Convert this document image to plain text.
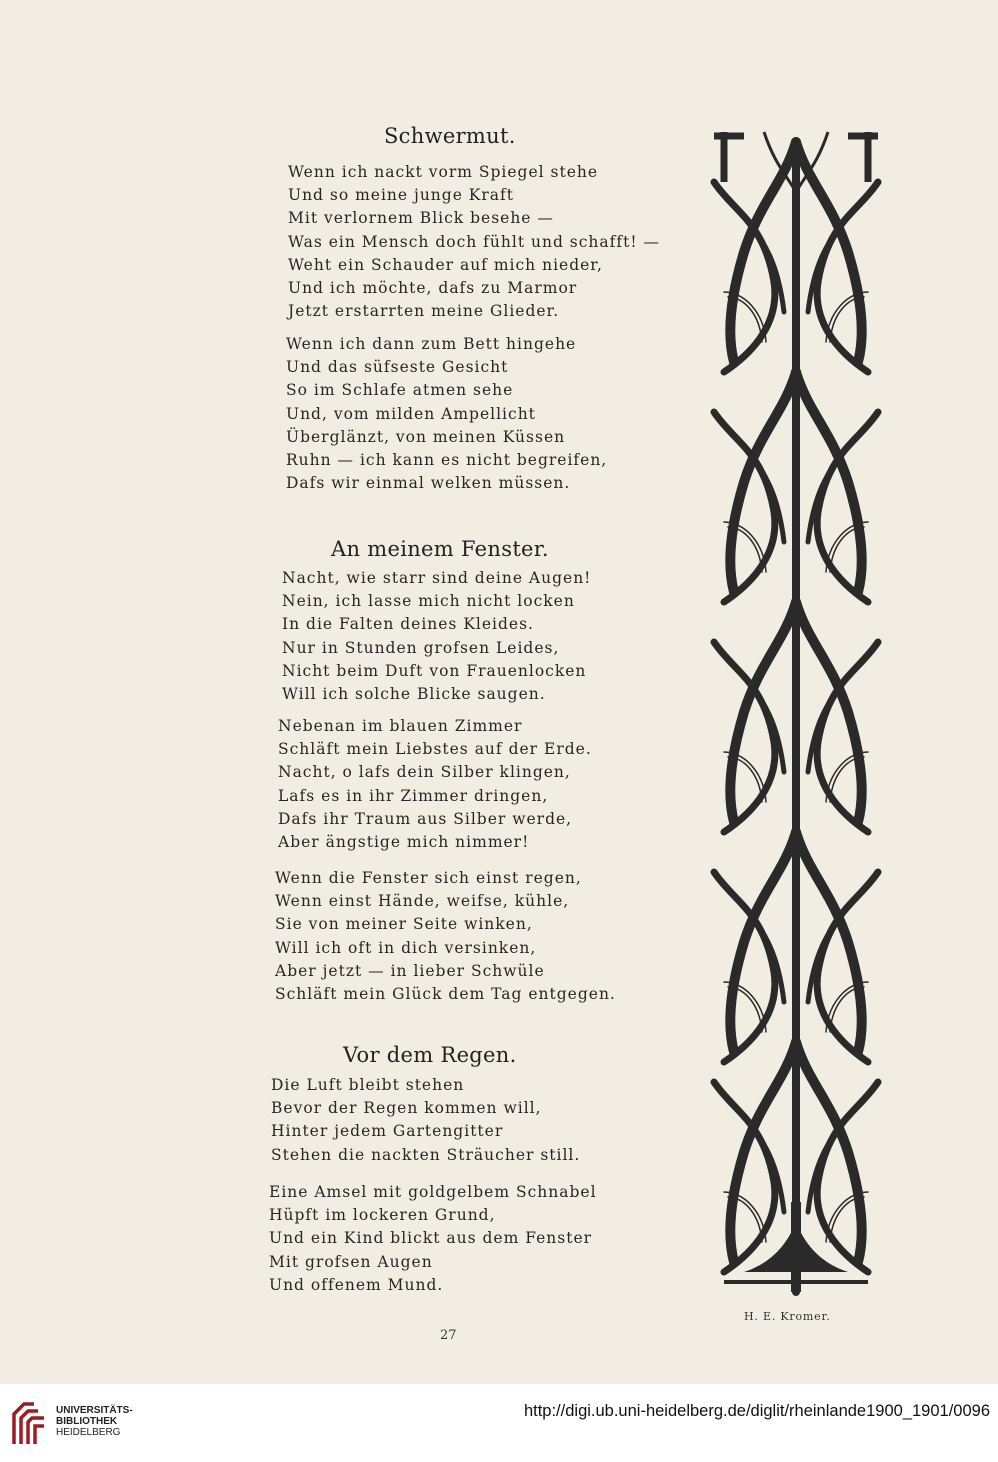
Schwermut.
Wenn ich nackt vorm Spiegel stehe
Und so meine junge Kraft
Mit verlornem Blick besehe —
Was ein Mensch doch fühlt und schafft! —
Weht ein Schauder auf mich nieder,
Und ich möchte, dafs zu Marmor
Jetzt erstarrten meine Glieder.
Wenn ich dann zum Bett hingehe
Und das süfseste Gesicht
So im Schlafe atmen sehe
Und, vom milden Ampellicht
Überglänzt, von meinen Küssen
Ruhn — ich kann es nicht begreifen,
Dafs wir einmal welken müssen.
An meinem Fenster.
Nacht, wie starr sind deine Augen!
Nein, ich lasse mich nicht locken
In die Falten deines Kleides.
Nur in Stunden grofsen Leides,
Nicht beim Duft von Frauenlocken
Will ich solche Blicke saugen.
Nebenan im blauen Zimmer
Schläft mein Liebstes auf der Erde.
Nacht, o lafs dein Silber klingen,
Lafs es in ihr Zimmer dringen,
Dafs ihr Traum aus Silber werde,
Aber ängstige mich nimmer!
Wenn die Fenster sich einst regen,
Wenn einst Hände, weifse, kühle,
Sie von meiner Seite winken,
Will ich oft in dich versinken,
Aber jetzt — in lieber Schwüle
Schläft mein Glück dem Tag entgegen.
Vor dem Regen.
Die Luft bleibt stehen
Bevor der Regen kommen will,
Hinter jedem Gartengitter
Stehen die nackten Sträucher still.
Eine Amsel mit goldgelbem Schnabel
Hüpft im lockeren Grund,
Und ein Kind blickt aus dem Fenster
Mit grofsen Augen
Und offenem Mund.
H. E. Kromer.
27
UNIVERSITÄTS-
BIBLIOTHEK
HEIDELBERG
http://digi.ub.uni-heidelberg.de/diglit/rheinlande1900_1901/0096
